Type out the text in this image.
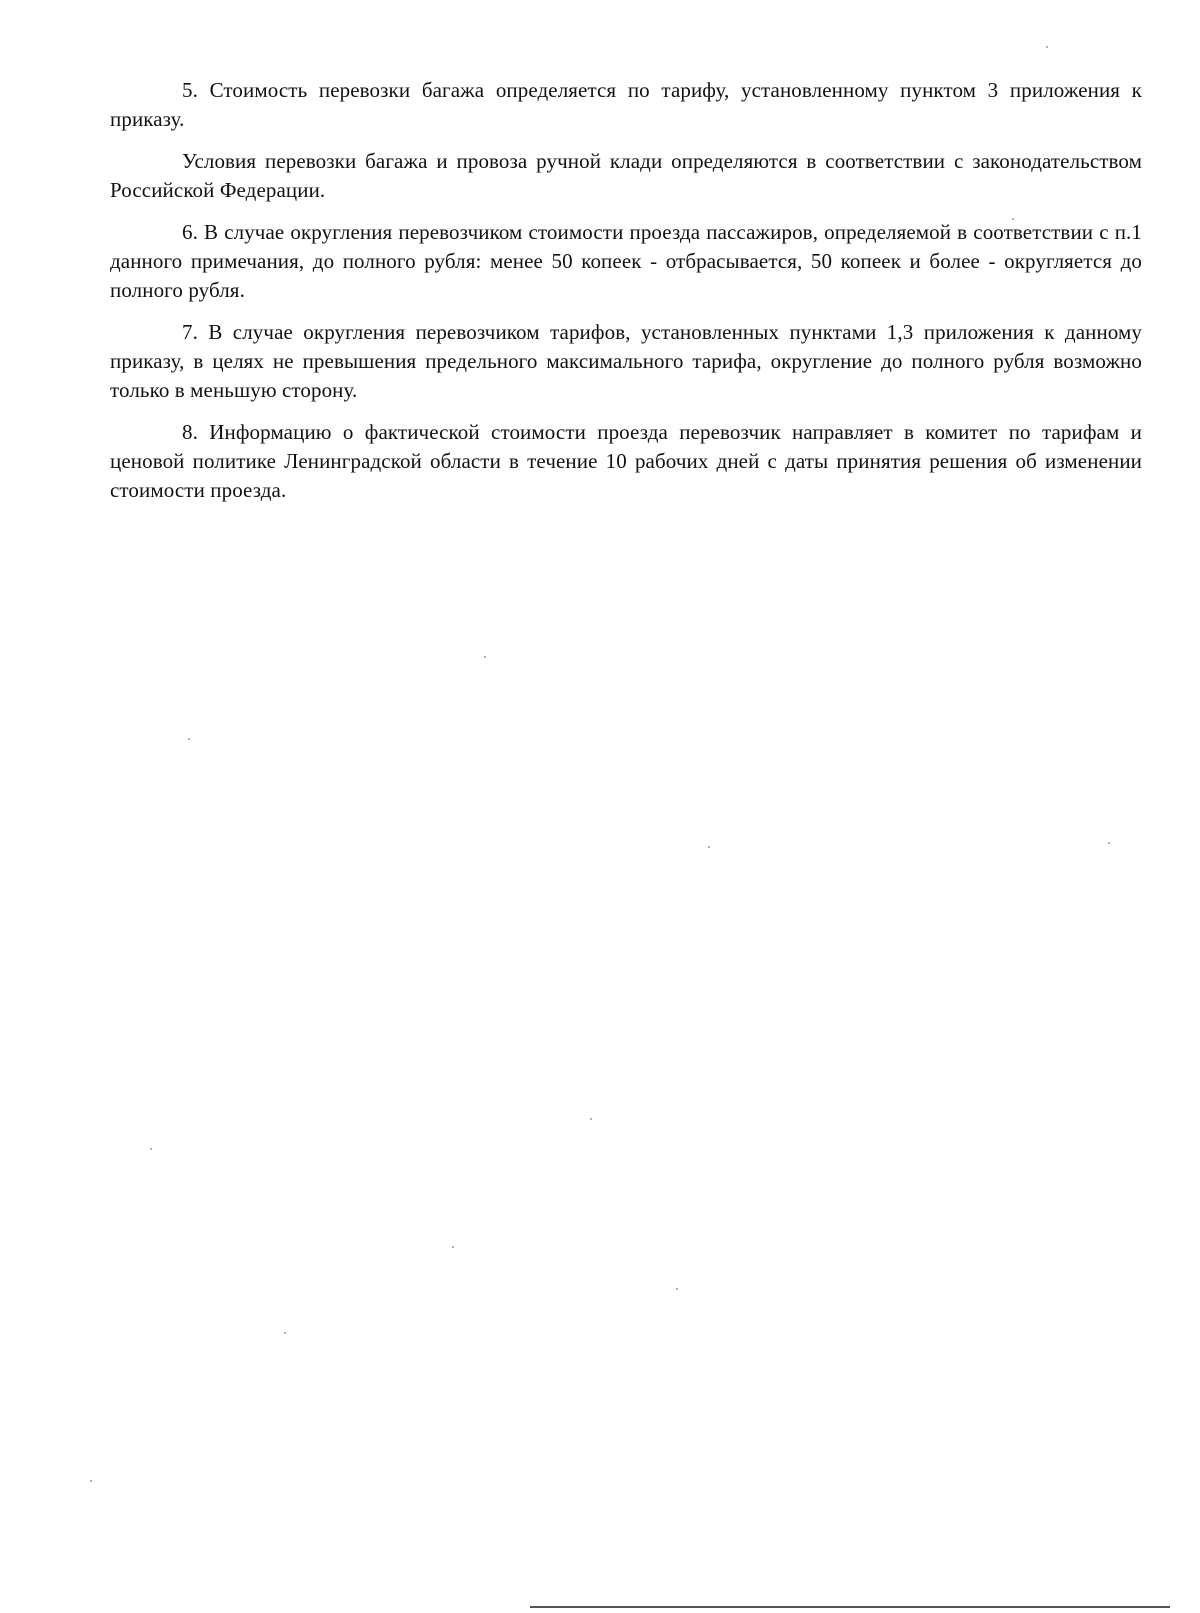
5. Стоимость перевозки багажа определяется по тарифу, установленному пунктом 3 приложения к приказу.

Условия перевозки багажа и провоза ручной клади определяются в соответствии с законодательством Российской Федерации.

6. В случае округления перевозчиком стоимости проезда пассажиров, определяемой в соответствии с п.1 данного примечания, до полного рубля: менее 50 копеек - отбрасывается, 50 копеек и более - округляется до полного рубля.

7. В случае округления перевозчиком тарифов, установленных пунктами 1,3 приложения к данному приказу, в целях не превышения предельного максимального тарифа, округление до полного рубля возможно только в меньшую сторону.

8. Информацию о фактической стоимости проезда перевозчик направляет в комитет по тарифам и ценовой политике Ленинградской области в течение 10 рабочих дней с даты принятия решения об изменении стоимости проезда.
